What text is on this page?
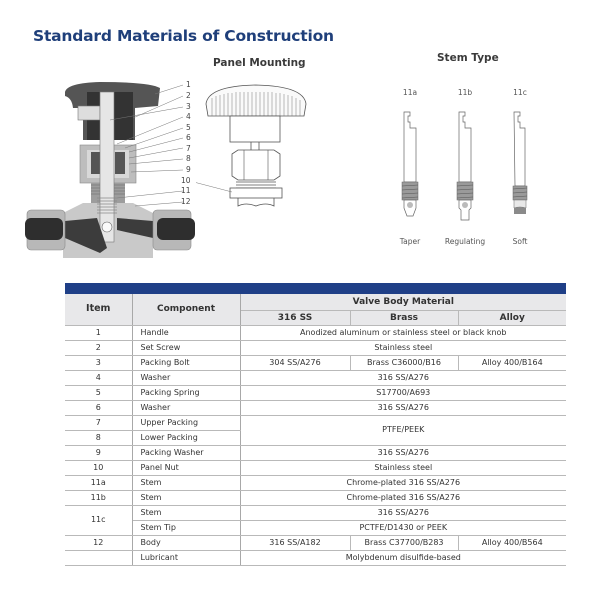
Standard Materials of Construction
1
2
3
4
5
6
7
8
9
10
11
12
Panel Mounting	Stem Type
11a	11b	11c
Taper	Regulating	Soft
Item	Component	Valve Body Material		
		316 SS	Brass	Alloy
1	Handle	Anodized aluminum or stainless steel or black knob		
2	Set Screw	Stainless steel		
3	Packing Bolt	304 SS/A276	Brass C36000/B16	Alloy 400/B164
4	Washer	316 SS/A276		
5	Packing Spring	S17700/A693		
6	Washer	316 SS/A276		
7	Upper Packing	PTFE/PEEK		
8	Lower Packing			
9	Packing Washer	316 SS/A276		
10	Panel Nut	Stainless steel		
11a	Stem	Chrome-plated 316 SS/A276		
11b	Stem	Chrome-plated 316 SS/A276		
11c	Stem	316 SS/A276		
	Stem Tip	PCTFE/D1430 or PEEK		
12	Body	316 SS/A182	Brass C37700/B283	Alloy 400/B564
	Lubricant	Molybdenum disulfide-based		
